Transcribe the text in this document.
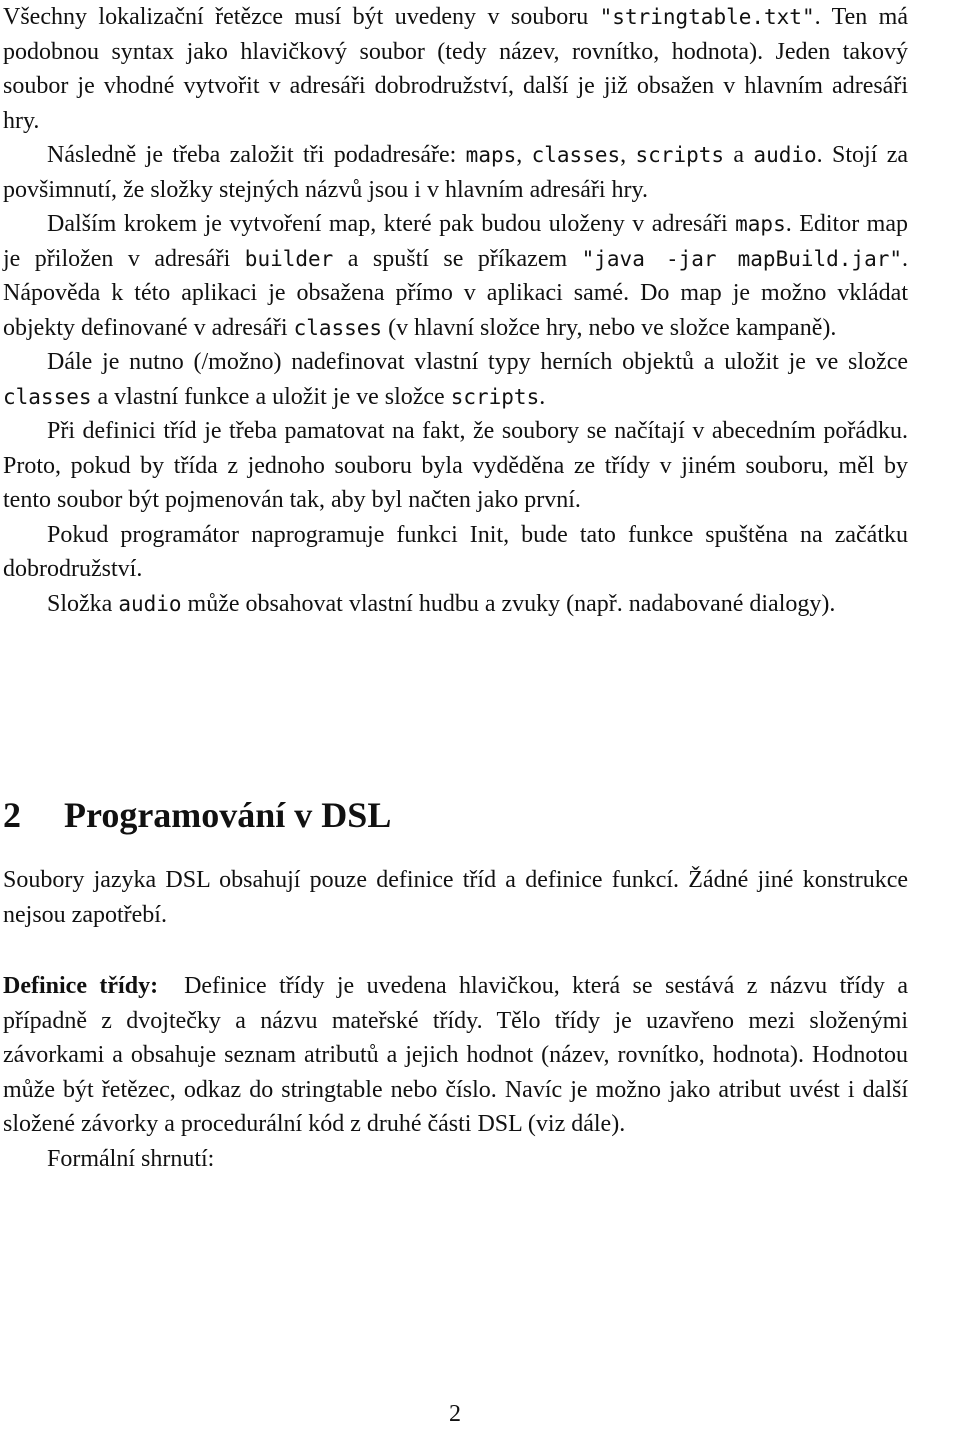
Všechny lokalizační řetězce musí být uvedeny v souboru "stringtable.txt". Ten má podobnou syntax jako hlavičkový soubor (tedy název, rovnítko, hodnota). Jeden takový soubor je vhodné vytvořit v adresáři dobrodružství, další je již obsažen v hlavním adresáři hry.

Následně je třeba založit tři podadresáře: maps, classes, scripts a audio. Stojí za povšimnutí, že složky stejných názvů jsou i v hlavním adresáři hry.

Dalším krokem je vytvoření map, které pak budou uloženy v adresáři maps. Editor map je přiložen v adresáři builder a spuští se příkazem "java -jar mapBuild.jar". Nápověda k této aplikaci je obsažena přímo v aplikaci samé. Do map je možno vkládat objekty definované v adresáři classes (v hlavní složce hry, nebo ve složce kampaně).

Dále je nutno (/možno) nadefinovat vlastní typy herních objektů a uložit je ve složce classes a vlastní funkce a uložit je ve složce scripts.

Při definici tříd je třeba pamatovat na fakt, že soubory se načítají v abecedním pořádku. Proto, pokud by třída z jednoho souboru byla vyděděna ze třídy v jiném souboru, měl by tento soubor být pojmenován tak, aby byl načten jako první.

Pokud programátor naprogramuje funkci Init, bude tato funkce spuštěna na začátku dobrodružství.

Složka audio může obsahovat vlastní hudbu a zvuky (např. nadabované dialogy).

2 Programování v DSL

Soubory jazyka DSL obsahují pouze definice tříd a definice funkcí. Žádné jiné konstrukce nejsou zapotřebí.

Definice třídy: Definice třídy je uvedena hlavičkou, která se sestává z názvu třídy a případně z dvojtečky a názvu mateřské třídy. Tělo třídy je uzavřeno mezi složenými závorkami a obsahuje seznam atributů a jejich hodnot (název, rovnítko, hodnota). Hodnotou může být řetězec, odkaz do stringtable nebo číslo. Navíc je možno jako atribut uvést i další složené závorky a procedurální kód z druhé části DSL (viz dále).

Formální shrnutí:

2
